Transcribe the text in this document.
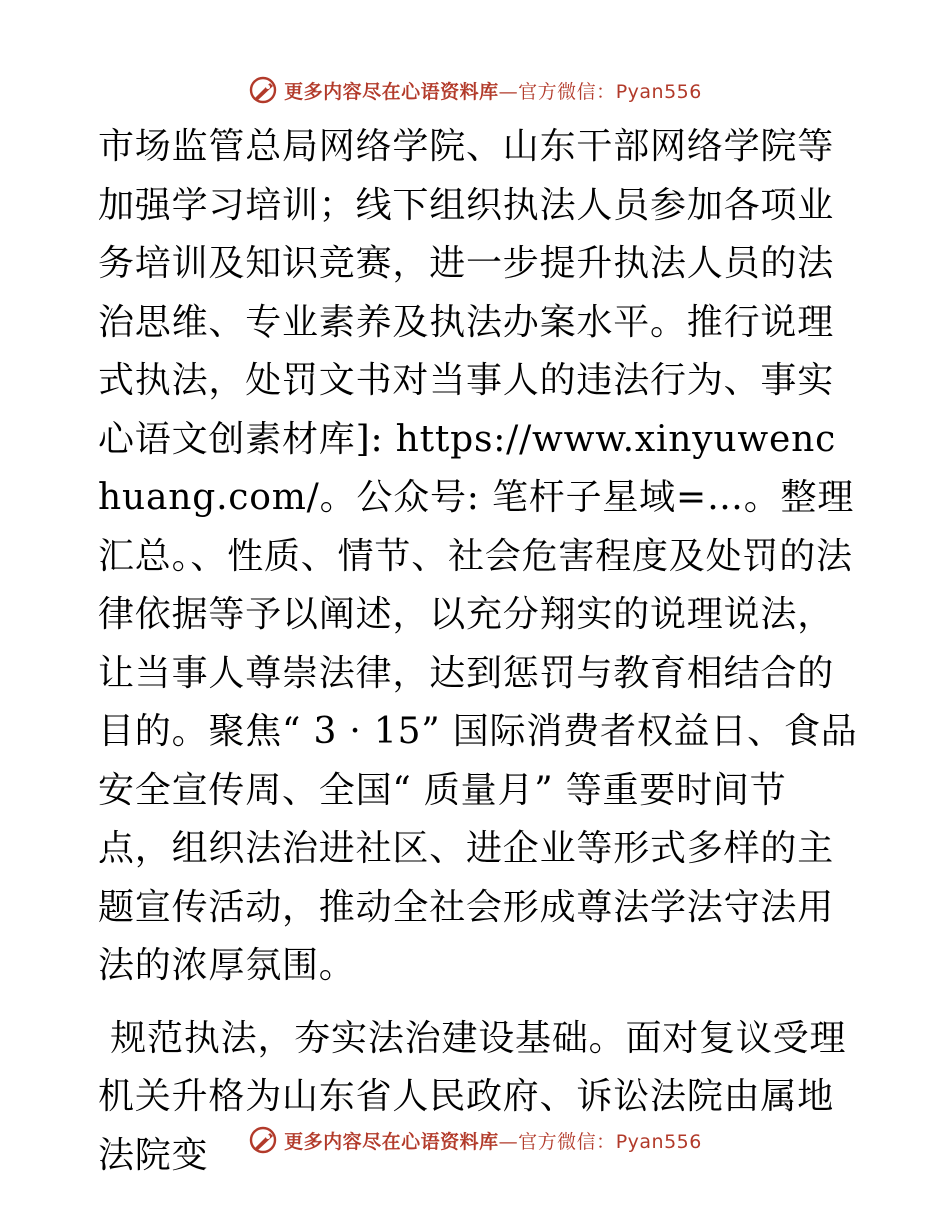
更多内容尽在心语资料库—官方微信：Pyan556

市场监管总局网络学院、山东干部网络学院等加强学习培训；线下组织执法人员参加各项业务培训及知识竞赛，进一步提升执法人员的法治思维、专业素养及执法办案水平。推行说理式执法，处罚文书对当事人的违法行为、事实心语文创素材库]: https://www.xinyuwenchuang.com/。公众号: 笔杆子星域=…。整理汇总。、性质、情节、社会危害程度及处罚的法律依据等予以阐述，以充分翔实的说理说法，让当事人尊崇法律，达到惩罚与教育相结合的目的。聚焦“ 3 · 15” 国际消费者权益日、食品安全宣传周、全国“ 质量月” 等重要时间节点，组织法治进社区、进企业等形式多样的主题宣传活动，推动全社会形成尊法学法守法用法的浓厚氛围。

规范执法，夯实法治建设基础。面对复议受理机关升格为山东省人民政府、诉讼法院由属地法院变	更多内容尽在心语资料库—官方微信：Pyan556
